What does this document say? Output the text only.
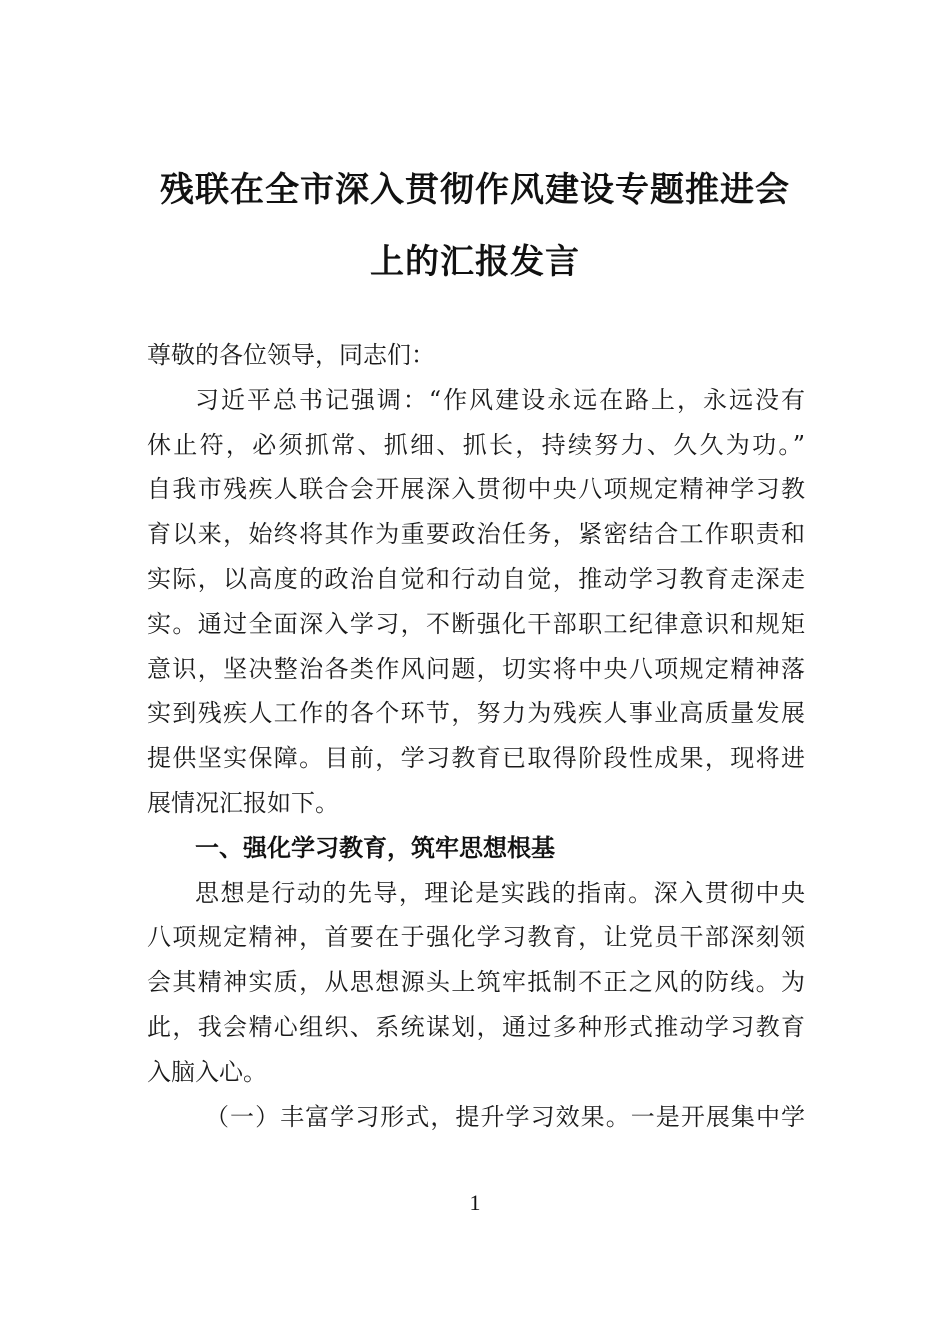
残联在全市深入贯彻作风建设专题推进会
上的汇报发言
尊敬的各位领导，同志们：
习近平总书记强调：“作风建设永远在路上，永远没有
休止符，必须抓常、抓细、抓长，持续努力、久久为功。”
自我市残疾人联合会开展深入贯彻中央八项规定精神学习教
育以来，始终将其作为重要政治任务，紧密结合工作职责和
实际，以高度的政治自觉和行动自觉，推动学习教育走深走
实。通过全面深入学习，不断强化干部职工纪律意识和规矩
意识，坚决整治各类作风问题，切实将中央八项规定精神落
实到残疾人工作的各个环节，努力为残疾人事业高质量发展
提供坚实保障。目前，学习教育已取得阶段性成果，现将进
展情况汇报如下。
一、强化学习教育，筑牢思想根基
思想是行动的先导，理论是实践的指南。深入贯彻中央
八项规定精神，首要在于强化学习教育，让党员干部深刻领
会其精神实质，从思想源头上筑牢抵制不正之风的防线。为
此，我会精心组织、系统谋划，通过多种形式推动学习教育
入脑入心。
（一）丰富学习形式，提升学习效果。一是开展集中学
1
